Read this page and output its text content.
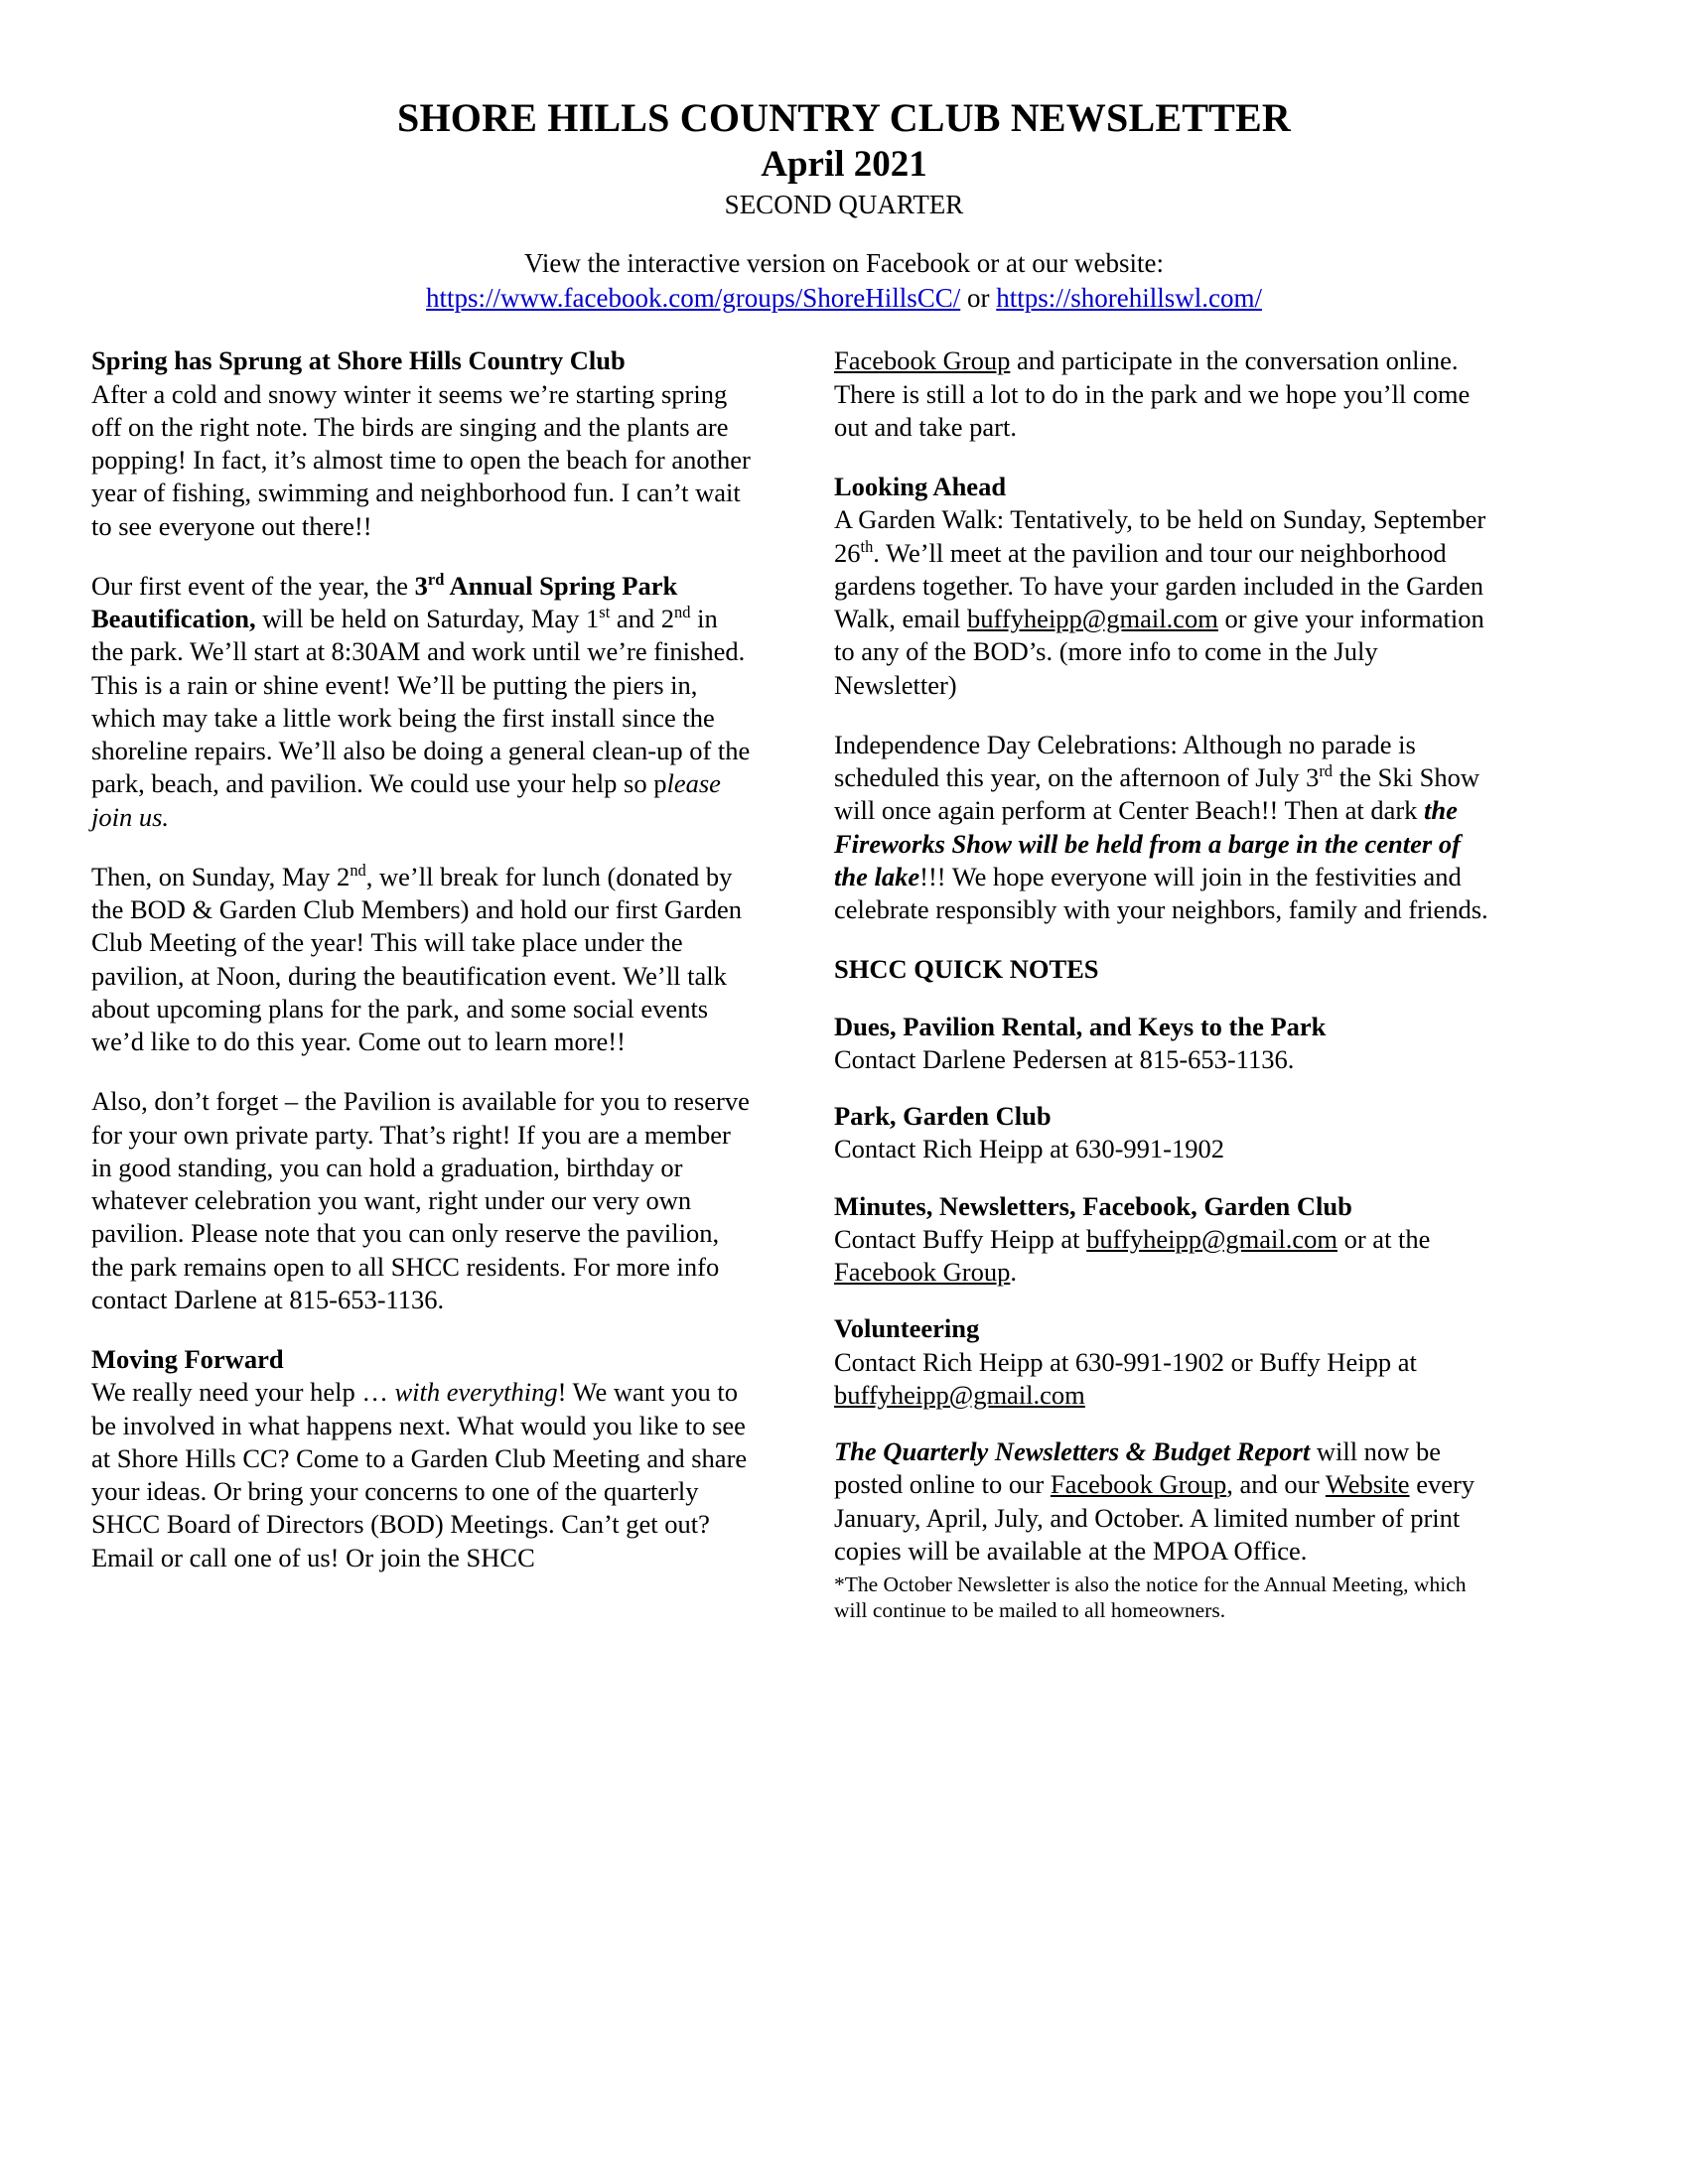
SHORE HILLS COUNTRY CLUB NEWSLETTER
April 2021
SECOND QUARTER
View the interactive version on Facebook or at our website:
https://www.facebook.com/groups/ShoreHillsCC/ or https://shorehillswl.com/

Spring has Sprung at Shore Hills Country Club

After a cold and snowy winter it seems we’re starting spring off on the right note. The birds are singing and the plants are popping! In fact, it’s almost time to open the beach for another year of fishing, swimming and neighborhood fun. I can’t wait to see everyone out there!!

Our first event of the year, the 3rd Annual Spring Park Beautification, will be held on Saturday, May 1st and 2nd in the park. We’ll start at 8:30AM and work until we’re finished. This is a rain or shine event! We’ll be putting the piers in, which may take a little work being the first install since the shoreline repairs. We’ll also be doing a general clean-up of the park, beach, and pavilion. We could use your help so please join us.

Then, on Sunday, May 2nd, we’ll break for lunch (donated by the BOD & Garden Club Members) and hold our first Garden Club Meeting of the year! This will take place under the pavilion, at Noon, during the beautification event. We’ll talk about upcoming plans for the park, and some social events we’d like to do this year. Come out to learn more!!

Also, don’t forget – the Pavilion is available for you to reserve for your own private party. That’s right! If you are a member in good standing, you can hold a graduation, birthday or whatever celebration you want, right under our very own pavilion. Please note that you can only reserve the pavilion, the park remains open to all SHCC residents. For more info contact Darlene at 815-653-1136.

Moving Forward

We really need your help … with everything! We want you to be involved in what happens next. What would you like to see at Shore Hills CC? Come to a Garden Club Meeting and share your ideas. Or bring your concerns to one of the quarterly SHCC Board of Directors (BOD) Meetings. Can’t get out? Email or call one of us! Or join the SHCC

Facebook Group and participate in the conversation online. There is still a lot to do in the park and we hope you’ll come out and take part.

Looking Ahead

A Garden Walk: Tentatively, to be held on Sunday, September 26th. We’ll meet at the pavilion and tour our neighborhood gardens together. To have your garden included in the Garden Walk, email buffyheipp@gmail.com or give your information to any of the BOD’s. (more info to come in the July Newsletter)

Independence Day Celebrations: Although no parade is scheduled this year, on the afternoon of July 3rd the Ski Show will once again perform at Center Beach!! Then at dark the Fireworks Show will be held from a barge in the center of the lake!!! We hope everyone will join in the festivities and celebrate responsibly with your neighbors, family and friends.

SHCC QUICK NOTES

Dues, Pavilion Rental, and Keys to the Park

Contact Darlene Pedersen at 815-653-1136.

Park, Garden Club

Contact Rich Heipp at 630-991-1902

Minutes, Newsletters, Facebook, Garden Club

Contact Buffy Heipp at buffyheipp@gmail.com or at the Facebook Group.

Volunteering

Contact Rich Heipp at 630-991-1902 or Buffy Heipp at buffyheipp@gmail.com

The Quarterly Newsletters & Budget Report will now be posted online to our Facebook Group, and our Website every January, April, July, and October. A limited number of print copies will be available at the MPOA Office.

*The October Newsletter is also the notice for the Annual Meeting, which will continue to be mailed to all homeowners.
